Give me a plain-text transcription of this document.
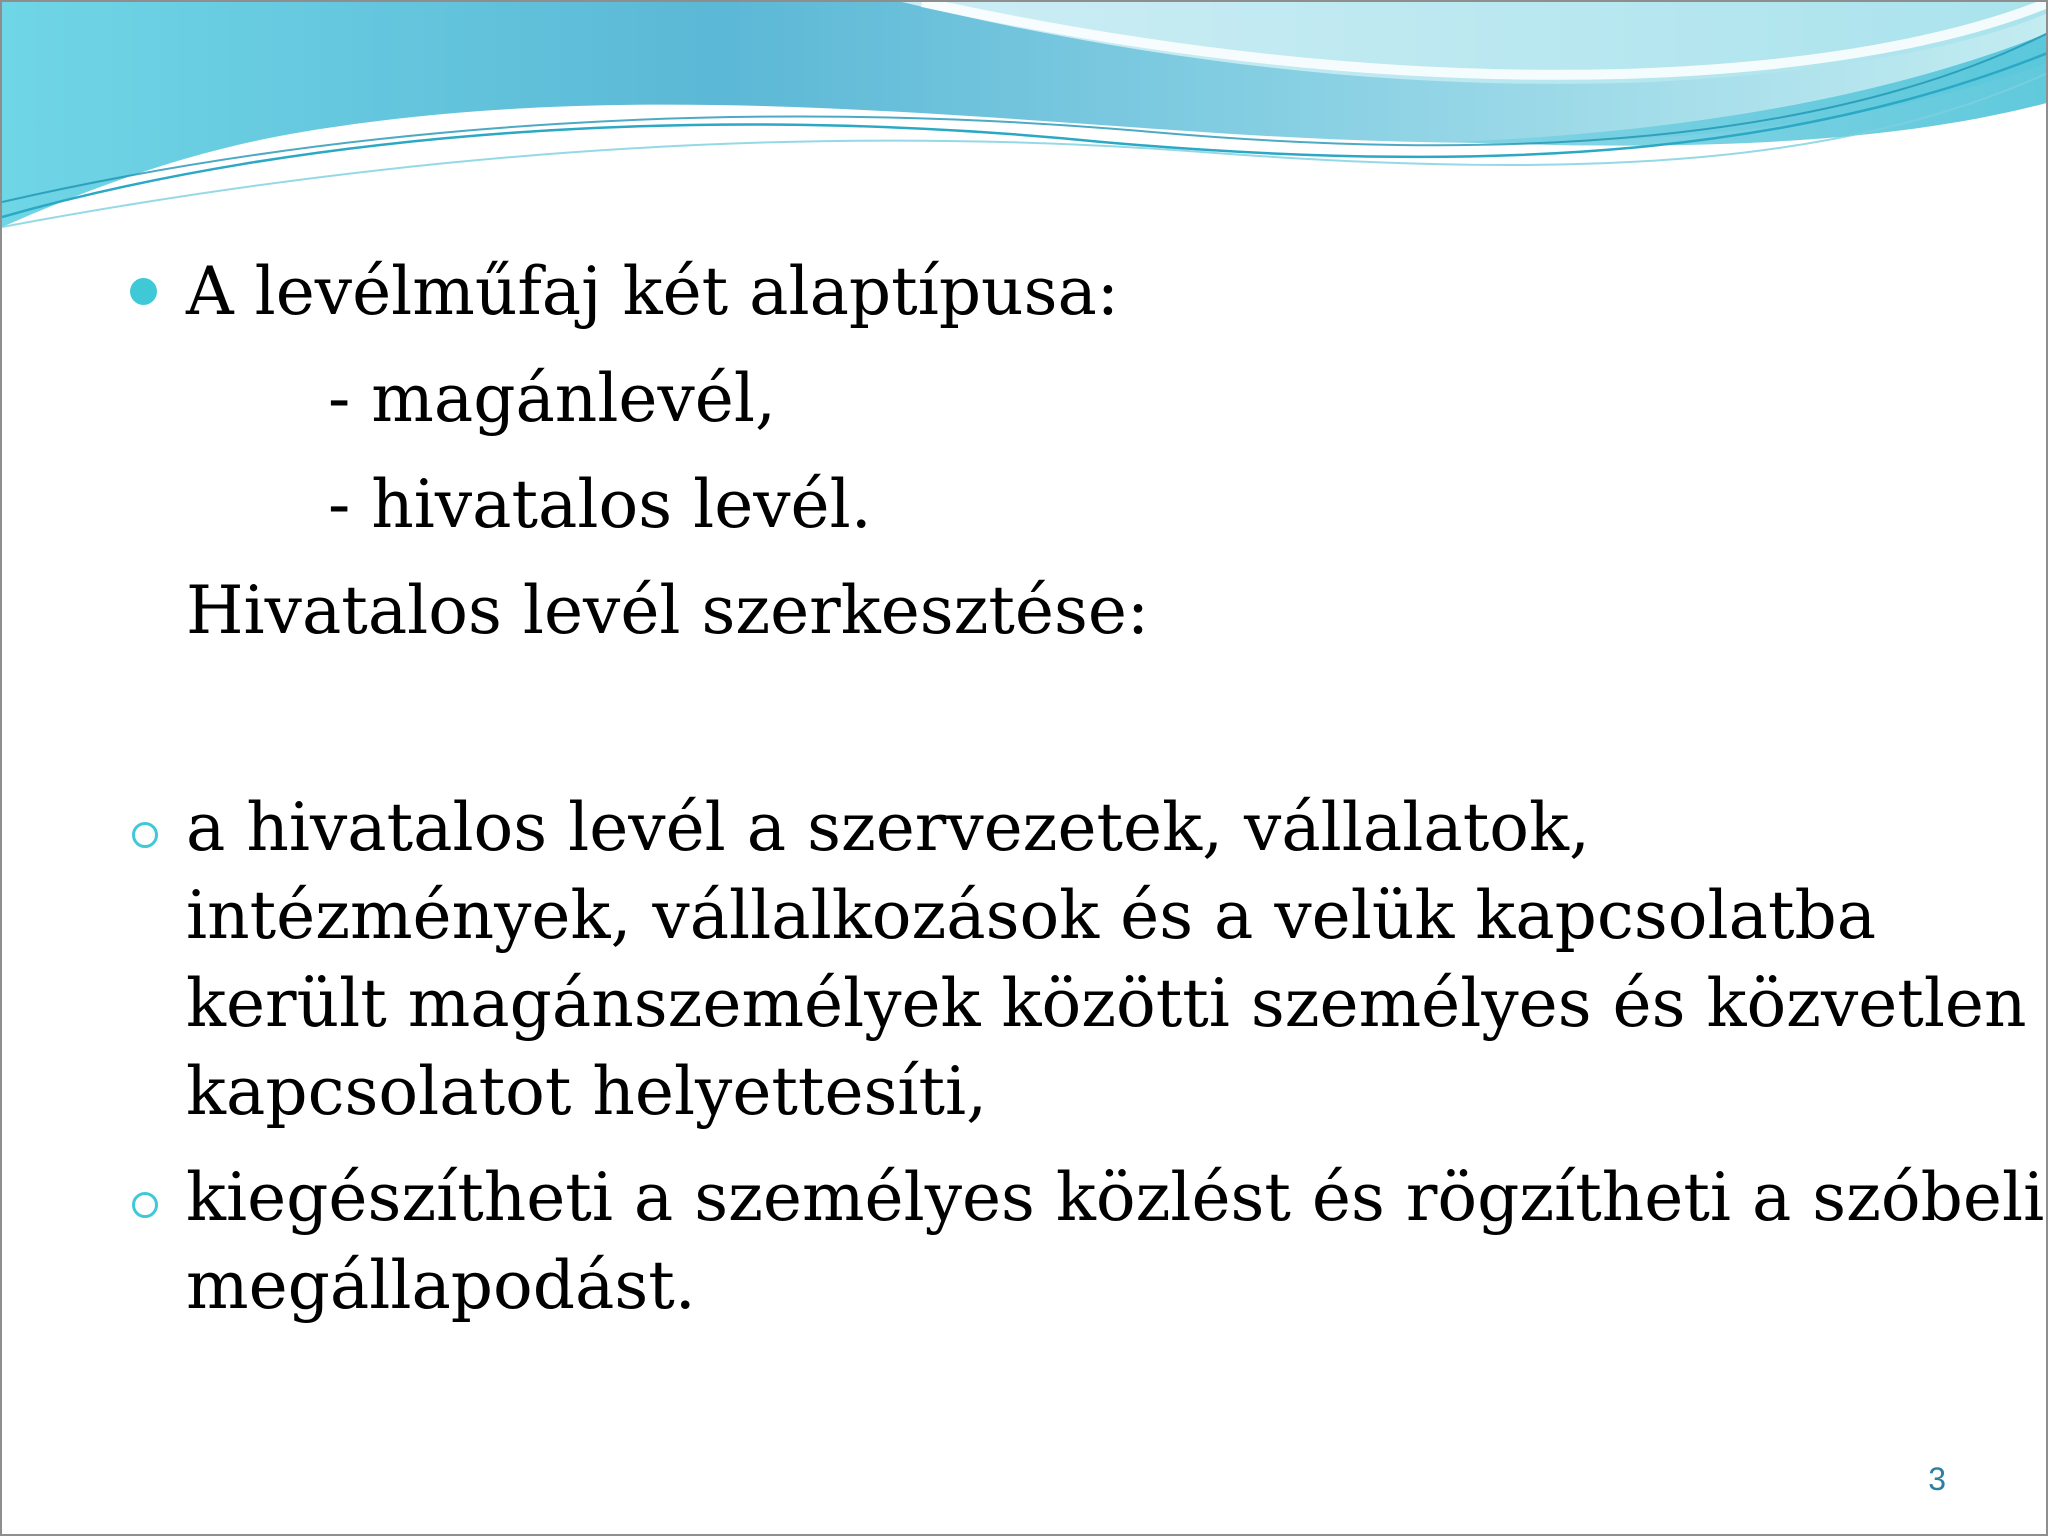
A levélműfaj két alaptípusa:
- magánlevél,
- hivatalos levél.
Hivatalos levél szerkesztése:
a hivatalos levél a szervezetek, vállalatok,
intézmények, vállalkozások és a velük kapcsolatba
került magánszemélyek közötti személyes és közvetlen
kapcsolatot helyettesíti,
kiegészítheti a személyes közlést és rögzítheti a szóbeli
megállapodást.
3
